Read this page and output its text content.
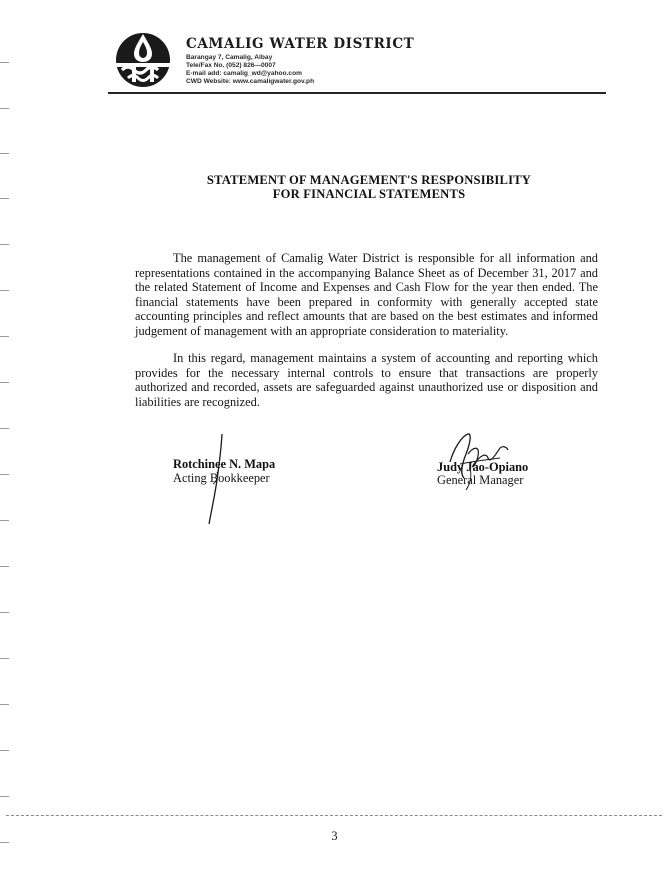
CAMALIG WATER DISTRICT
Barangay 7, Camalig, Albay
Tele/Fax No. (052) 826—0007
E-mail add: camalig_wd@yahoo.com
CWD Website: www.camaligwater.gov.ph
STATEMENT OF MANAGEMENT'S RESPONSIBILITY
FOR FINANCIAL STATEMENTS
The management of Camalig Water District is responsible for all information and representations contained in the accompanying Balance Sheet as of December 31, 2017 and the related Statement of Income and Expenses and Cash Flow for the year then ended. The financial statements have been prepared in conformity with generally accepted state accounting principles and reflect amounts that are based on the best estimates and informed judgement of management with an appropriate consideration to materiality.
In this regard, management maintains a system of accounting and reporting which provides for the necessary internal controls to ensure that transactions are properly authorized and recorded, assets are safeguarded against unauthorized use or disposition and liabilities are recognized.
Rotchinee N. Mapa
Acting Bookkeeper
Judy Jao-Opiano
General Manager
3
